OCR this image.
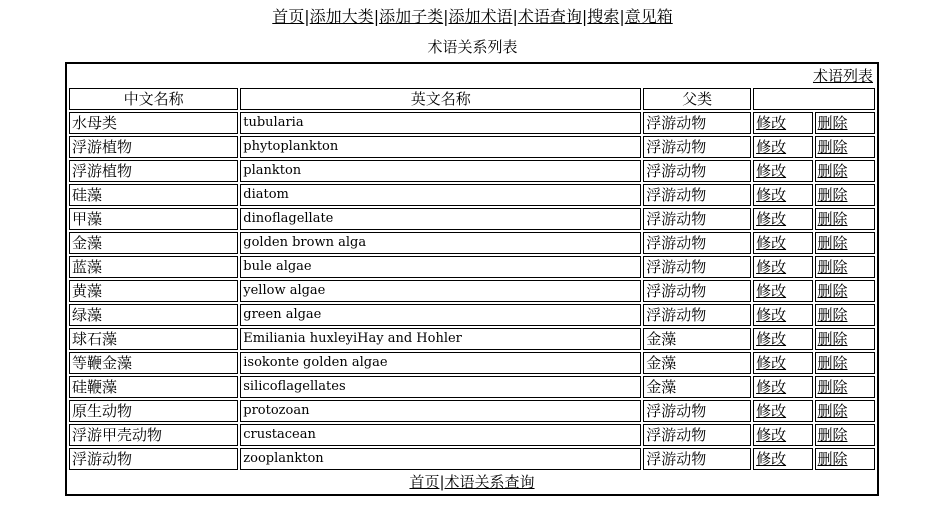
首页|添加大类|添加子类|添加术语|术语查询|搜索|意见箱
术语关系列表
术语列表				
中文名称	英文名称	父类		
水母类	tubularia	浮游动物	修改	删除
浮游植物	phytoplankton	浮游动物	修改	删除
浮游植物	plankton	浮游动物	修改	删除
硅藻	diatom	浮游动物	修改	删除
甲藻	dinoflagellate	浮游动物	修改	删除
金藻	golden brown alga	浮游动物	修改	删除
蓝藻	bule algae	浮游动物	修改	删除
黄藻	yellow algae	浮游动物	修改	删除
绿藻	green algae	浮游动物	修改	删除
球石藻	Emiliania huxleyiHay and Hohler	金藻	修改	删除
等鞭金藻	isokonte golden algae	金藻	修改	删除
硅鞭藻	silicoflagellates	金藻	修改	删除
原生动物	protozoan	浮游动物	修改	删除
浮游甲壳动物	crustacean	浮游动物	修改	删除
浮游动物	zooplankton	浮游动物	修改	删除
首页|术语关系查询				
